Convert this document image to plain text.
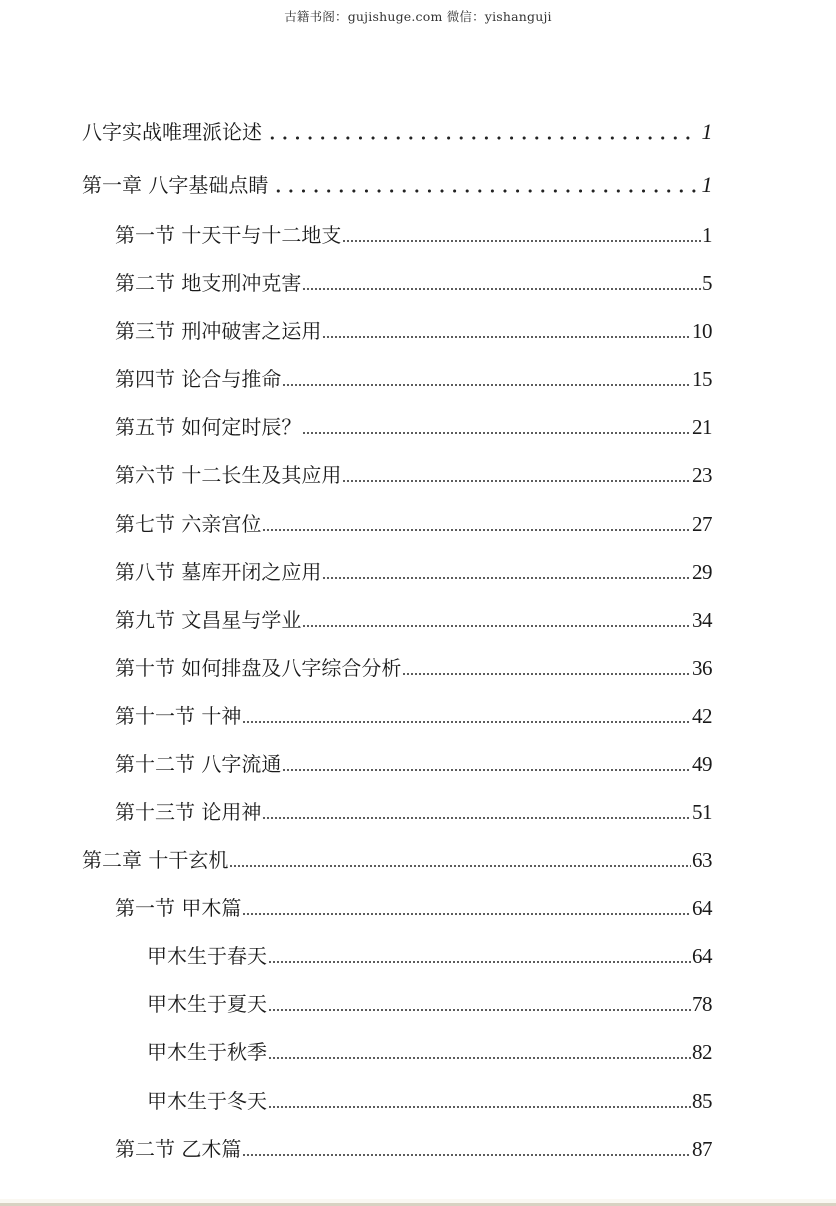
古籍书阁：gujishuge.com 微信：yishanguji
八字实战唯理派论述	1
第一章 八字基础点睛	1
第一节 十天干与十二地支	1
第二节 地支刑冲克害	5
第三节 刑冲破害之运用	10
第四节 论合与推命	15
第五节 如何定时辰？	21
第六节 十二长生及其应用	23
第七节 六亲宫位	27
第八节 墓库开闭之应用	29
第九节 文昌星与学业	34
第十节 如何排盘及八字综合分析	36
第十一节 十神	42
第十二节 八字流通	49
第十三节 论用神	51
第二章 十干玄机	63
第一节 甲木篇	64
甲木生于春天	64
甲木生于夏天	78
甲木生于秋季	82
甲木生于冬天	85
第二节 乙木篇	87
